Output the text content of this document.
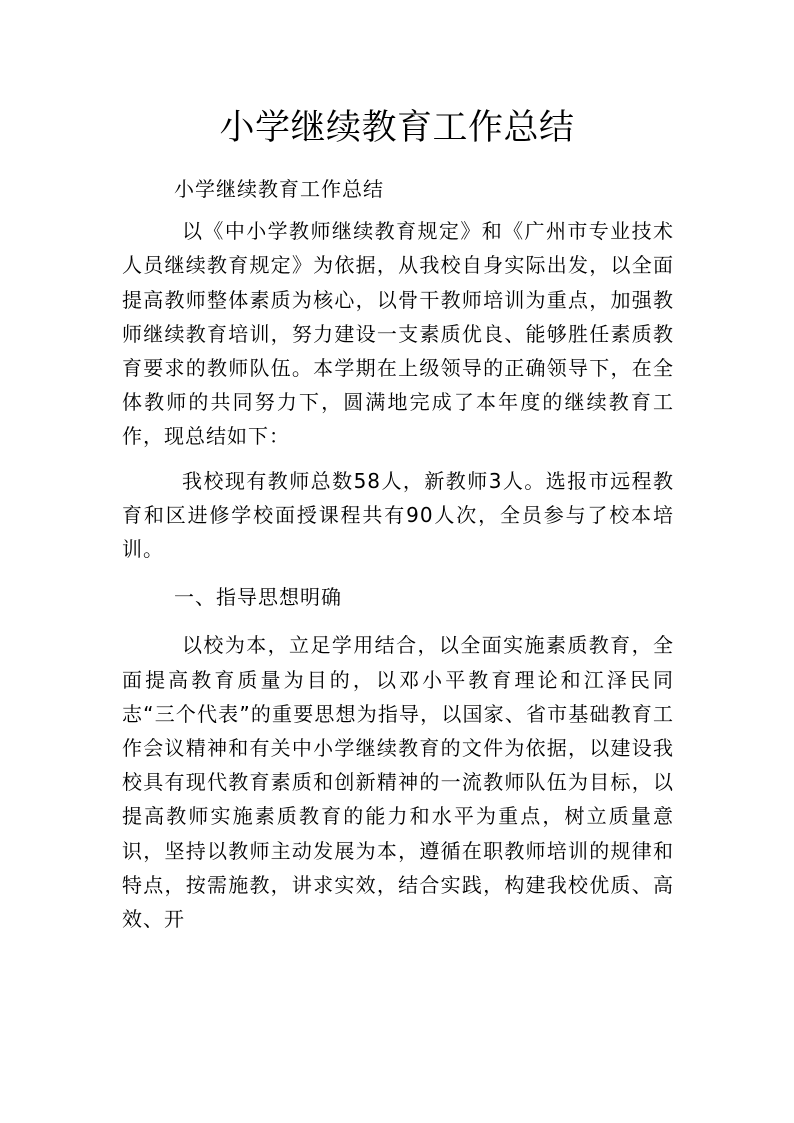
小学继续教育工作总结

小学继续教育工作总结

以《中小学教师继续教育规定》和《广州市专业技术人员继续教育规定》为依据，从我校自身实际出发，以全面提高教师整体素质为核心，以骨干教师培训为重点，加强教师继续教育培训，努力建设一支素质优良、能够胜任素质教育要求的教师队伍。本学期在上级领导的正确领导下，在全体教师的共同努力下，圆满地完成了本年度的继续教育工作，现总结如下：

我校现有教师总数58人，新教师3人。选报市远程教育和区进修学校面授课程共有90人次，全员参与了校本培训。

一、指导思想明确

以校为本，立足学用结合，以全面实施素质教育，全面提高教育质量为目的，以邓小平教育理论和江泽民同志“三个代表”的重要思想为指导，以国家、省市基础教育工作会议精神和有关中小学继续教育的文件为依据，以建设我校具有现代教育素质和创新精神的一流教师队伍为目标，以提高教师实施素质教育的能力和水平为重点，树立质量意识，坚持以教师主动发展为本，遵循在职教师培训的规律和特点，按需施教，讲求实效，结合实践，构建我校优质、高效、开
